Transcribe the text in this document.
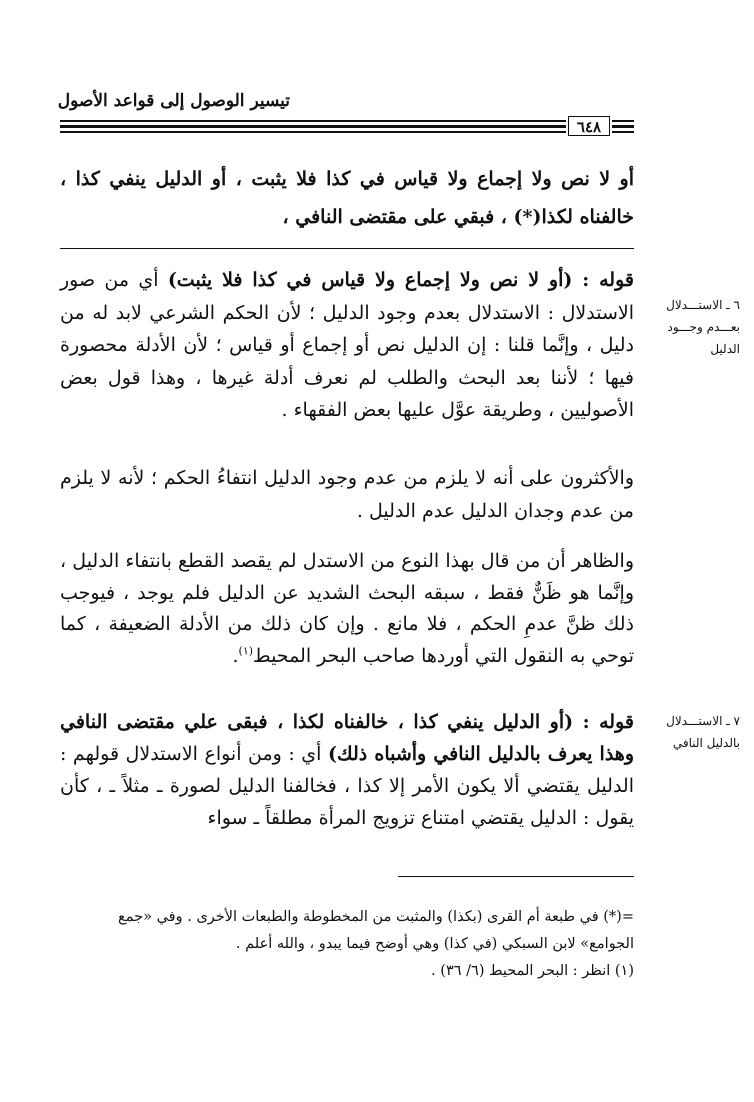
تيسير الوصول إلى قواعد الأصول
٦٤٨
أو لا نص ولا إجماع ولا قياس في كذا فلا يثبت ، أو الدليل ينفي كذا ، خالفناه لكذا(*) ، فبقي على مقتضى النافي ،
قوله : (أو لا نص ولا إجماع ولا قياس في كذا فلا يثبت) أي من صور الاستدلال : الاستدلال بعدم وجود الدليل ؛ لأن الحكم الشرعي لابد له من دليل ، وإنَّما قلنا : إن الدليل نص أو إجماع أو قياس ؛ لأن الأدلة محصورة فيها ؛ لأننا بعد البحث والطلب لم نعرف أدلة غيرها ، وهذا قول بعض الأصوليين ، وطريقة عوَّل عليها بعض الفقهاء .
والأكثرون على أنه لا يلزم من عدم وجود الدليل انتفاءُ الحكم ؛ لأنه لا يلزم من عدم وجدان الدليل عدم الدليل .
والظاهر أن من قال بهذا النوع من الاستدل لم يقصد القطع بانتفاء الدليل ، وإنَّما هو ظَنٌّ فقط ، سبقه البحث الشديد عن الدليل فلم يوجد ، فيوجب ذلك ظنَّ عدمِ الحكم ، فلا مانع . وإن كان ذلك من الأدلة الضعيفة ، كما توحي به النقول التي أوردها صاحب البحر المحيط$^{(١)}$.
قوله : (أو الدليل ينفي كذا ، خالفناه لكذا ، فبقى علي مقتضى النافي وهذا يعرف بالدليل النافي وأشباه ذلك) أي : ومن أنواع الاستدلال قولهم : الدليل يقتضي ألا يكون الأمر إلا كذا ، فخالفنا الدليل لصورة ـ مثلاً ـ ، كأن يقول : الدليل يقتضي امتناع تزويج المرأة مطلقاً ـ سواء
٦ ـ الاستـــدلال بعـــدم وجـــود الدليل
٧ ـ الاستـــدلال بالدليل النافي
=(*) في طبعة أم القرى (بكذا) والمثبت من المخطوطة والطبعات الأخرى . وفي «جمع الجوامع» لابن السبكي (في كذا) وهي أوضح فيما يبدو ، والله أعلم .
(١) انظر : البحر المحيط (٦/ ٣٦) .
